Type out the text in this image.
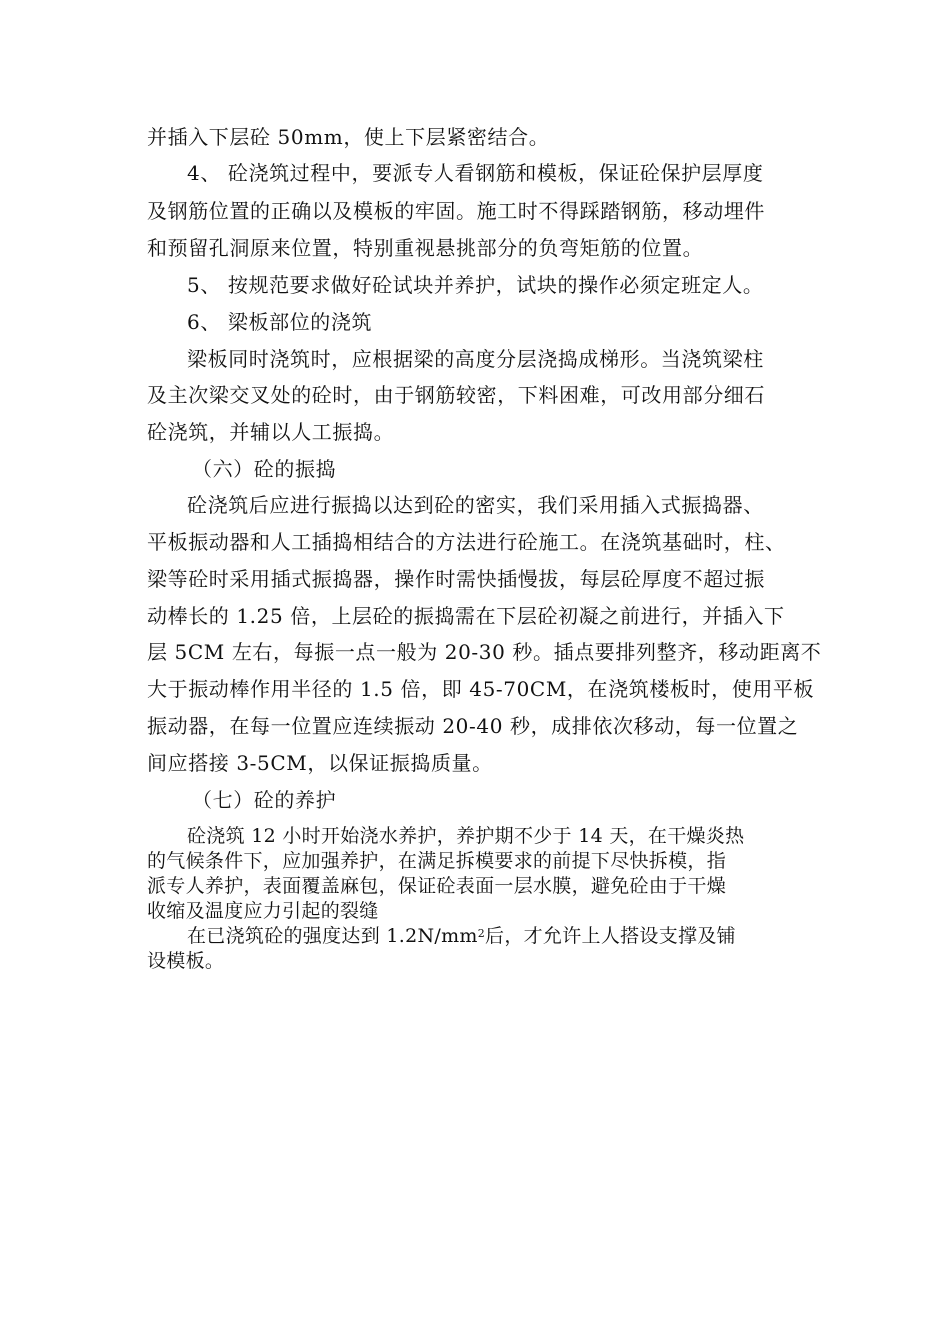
并插入下层砼 50mm，使上下层紧密结合。
4、 砼浇筑过程中，要派专人看钢筋和模板，保证砼保护层厚度
及钢筋位置的正确以及模板的牢固。施工时不得踩踏钢筋，移动埋件
和预留孔洞原来位置，特别重视悬挑部分的负弯矩筋的位置。
5、 按规范要求做好砼试块并养护，试块的操作必须定班定人。
6、 梁板部位的浇筑
梁板同时浇筑时，应根据梁的高度分层浇捣成梯形。当浇筑梁柱
及主次梁交叉处的砼时，由于钢筋较密，下料困难，可改用部分细石
砼浇筑，并辅以人工振捣。
（六）砼的振捣
砼浇筑后应进行振捣以达到砼的密实，我们采用插入式振捣器、
平板振动器和人工插捣相结合的方法进行砼施工。在浇筑基础时，柱、
梁等砼时采用插式振捣器，操作时需快插慢拔，每层砼厚度不超过振
动棒长的 1.25 倍，上层砼的振捣需在下层砼初凝之前进行，并插入下
层 5CM 左右，每振一点一般为 20-30 秒。插点要排列整齐，移动距离不
大于振动棒作用半径的 1.5 倍，即 45-70CM，在浇筑楼板时，使用平板
振动器，在每一位置应连续振动 20-40 秒，成排依次移动，每一位置之
间应搭接 3-5CM，以保证振捣质量。
（七）砼的养护
砼浇筑 12 小时开始浇水养护，养护期不少于 14 天，在干燥炎热
的气候条件下，应加强养护，在满足拆模要求的前提下尽快拆模，指
派专人养护，表面覆盖麻包，保证砼表面一层水膜，避免砼由于干燥
收缩及温度应力引起的裂缝
在已浇筑砼的强度达到 $1.2N/mm^2$后，才允许上人搭设支撑及铺
设模板。
